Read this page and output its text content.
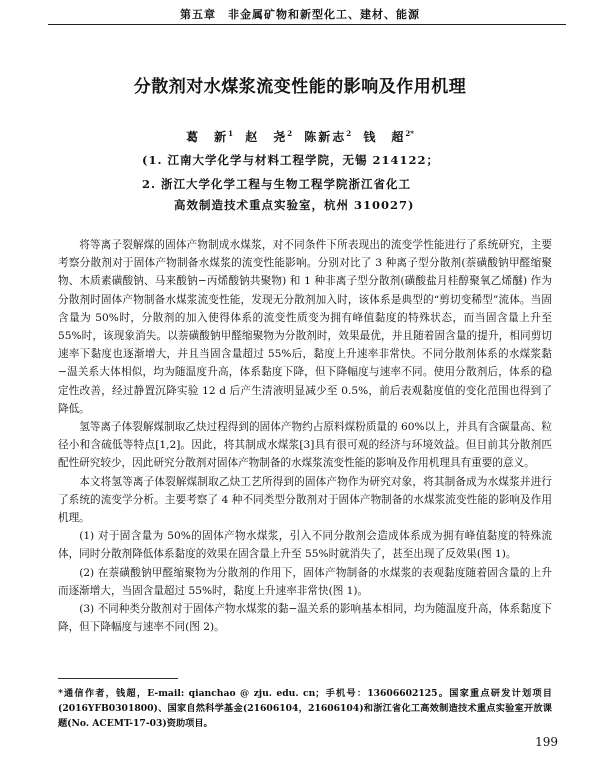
第五章　非金属矿物和新型化工、建材、能源
分散剂对水煤浆流变性能的影响及作用机理
葛　新$^1$ 赵　尧$^2$ 陈新志$^2$ 钱　超$^{2*}$
(1. 江南大学化学与材料工程学院，无锡 214122；
2. 浙江大学化学工程与生物工程学院浙江省化工
高效制造技术重点实验室，杭州 310027)

将等离子裂解煤的固体产物制成水煤浆，对不同条件下所表现出的流变学性能进行了系统研究，主要考察分散剂对于固体产物制备水煤浆的流变性能影响。分别对比了 3 种离子型分散剂(萘磺酸钠甲醛缩聚物、木质素磺酸钠、马来酸钠−丙烯酸钠共聚物) 和 1 种非离子型分散剂(磺酸盐月桂醇聚氧乙烯醚) 作为分散剂时固体产物制备水煤浆流变性能，发现无分散剂加入时，该体系是典型的“剪切变稀型”流体。当固含量为 50%时，分散剂的加入使得体系的流变性质变为拥有峰值黏度的特殊状态，而当固含量上升至 55%时，该现象消失。以萘磺酸钠甲醛缩聚物为分散剂时，效果最优，并且随着固含量的提升，相同剪切速率下黏度也逐渐增大，并且当固含量超过 55%后，黏度上升速率非常快。不同分散剂体系的水煤浆黏−温关系大体相似，均为随温度升高，体系黏度下降，但下降幅度与速率不同。使用分散剂后，体系的稳定性改善，经过静置沉降实验 12 d 后产生清液明显减少至 0.5%，前后表观黏度值的变化范围也得到了降低。

氢等离子体裂解煤制取乙炔过程得到的固体产物约占原料煤粉质量的 60%以上，并具有含碳量高、粒径小和含硫低等特点[1,2]。因此，将其制成水煤浆[3]具有很可观的经济与环境效益。但目前其分散剂匹配性研究较少，因此研究分散剂对固体产物制备的水煤浆流变性能的影响及作用机理具有重要的意义。

本文将氢等离子体裂解煤制取乙炔工艺所得到的固体产物作为研究对象，将其制备成为水煤浆并进行了系统的流变学分析。主要考察了 4 种不同类型分散剂对于固体产物制备的水煤浆流变性能的影响及作用机理。

(1) 对于固含量为 50%的固体产物水煤浆，引入不同分散剂会造成体系成为拥有峰值黏度的特殊流体，同时分散剂降低体系黏度的效果在固含量上升至 55%时就消失了，甚至出现了反效果(图 1)。

(2) 在萘磺酸钠甲醛缩聚物为分散剂的作用下，固体产物制备的水煤浆的表观黏度随着固含量的上升而逐渐增大，当固含量超过 55%时，黏度上升速率非常快(图 1)。

(3) 不同种类分散剂对于固体产物水煤浆的黏−温关系的影响基本相同，均为随温度升高，体系黏度下降，但下降幅度与速率不同(图 2)。

*通信作者，钱超，E-mail: qianchao @ zju. edu. cn；手机号：13606602125。国家重点研发计划项目(2016YFB0301800)、国家自然科学基金(21606104，21606104)和浙江省化工高效制造技术重点实验室开放课题(No. ACEMT-17-03)资助项目。
199
